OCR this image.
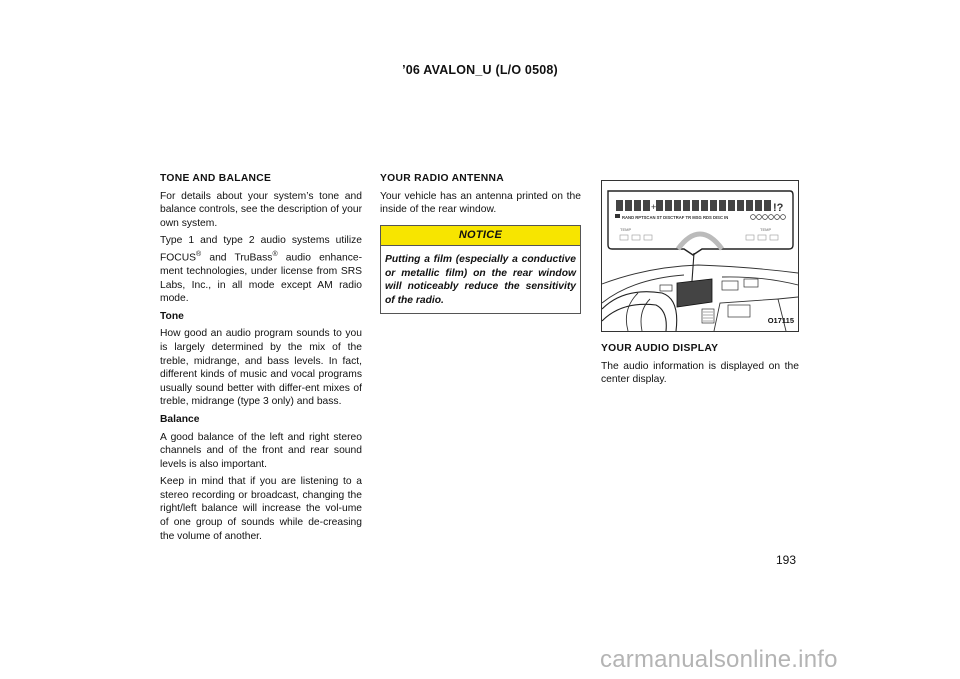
’06 AVALON_U (L/O 0508)
TONE AND BALANCE

For details about your system’s tone and balance controls, see the description of your own system.

Type 1 and type 2 audio systems utilize FOCUS® and TruBass® audio enhance-ment technologies, under license from SRS Labs, Inc., in all mode except AM radio mode.

Tone

How good an audio program sounds to you is largely determined by the mix of the treble, midrange, and bass levels. In fact, different kinds of music and vocal programs usually sound better with differ-ent mixes of treble, midrange (type 3 only) and bass.

Balance

A good balance of the left and right stereo channels and of the front and rear sound levels is also important.

Keep in mind that if you are listening to a stereo recording or broadcast, changing the right/left balance will increase the vol-ume of one group of sounds while de-creasing the volume of another.

YOUR RADIO ANTENNA

Your vehicle has an antenna printed on the inside of the rear window.

NOTICE
Putting a film (especially a conductive or metallic film) on the rear window will noticeably reduce the sensitivity of the radio.
+	!?
RAND RPTSCAN ST DISCTRAF TR MSG RDS DISC IN
TEMP	TEMP
O17115
YOUR AUDIO DISPLAY

The audio information is displayed on the center display.

193
carmanualsonline.info
